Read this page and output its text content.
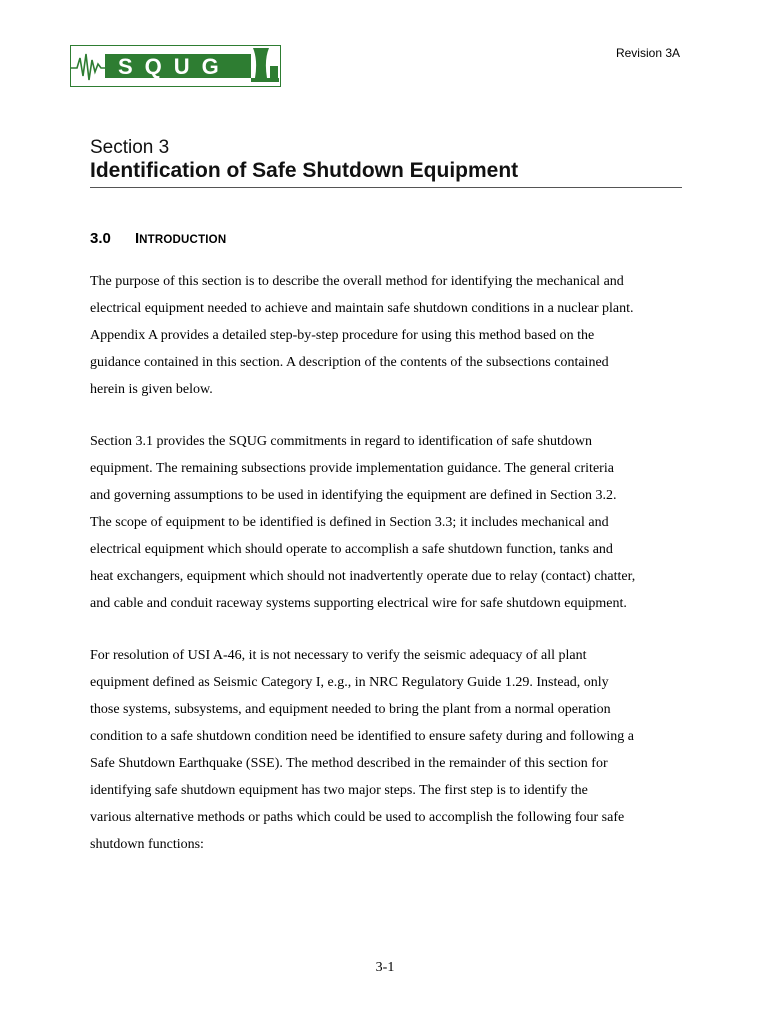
SQUG
Revision 3A
Section 3
Identification of Safe Shutdown Equipment
3.0 INTRODUCTION

The purpose of this section is to describe the overall method for identifying the mechanical and
electrical equipment needed to achieve and maintain safe shutdown conditions in a nuclear plant.
Appendix A provides a detailed step-by-step procedure for using this method based on the
guidance contained in this section. A description of the contents of the subsections contained
herein is given below.

Section 3.1 provides the SQUG commitments in regard to identification of safe shutdown
equipment. The remaining subsections provide implementation guidance. The general criteria
and governing assumptions to be used in identifying the equipment are defined in Section 3.2.
The scope of equipment to be identified is defined in Section 3.3; it includes mechanical and
electrical equipment which should operate to accomplish a safe shutdown function, tanks and
heat exchangers, equipment which should not inadvertently operate due to relay (contact) chatter,
and cable and conduit raceway systems supporting electrical wire for safe shutdown equipment.

For resolution of USI A-46, it is not necessary to verify the seismic adequacy of all plant
equipment defined as Seismic Category I, e.g., in NRC Regulatory Guide 1.29. Instead, only
those systems, subsystems, and equipment needed to bring the plant from a normal operation
condition to a safe shutdown condition need be identified to ensure safety during and following a
Safe Shutdown Earthquake (SSE). The method described in the remainder of this section for
identifying safe shutdown equipment has two major steps. The first step is to identify the
various alternative methods or paths which could be used to accomplish the following four safe
shutdown functions:

3-1
